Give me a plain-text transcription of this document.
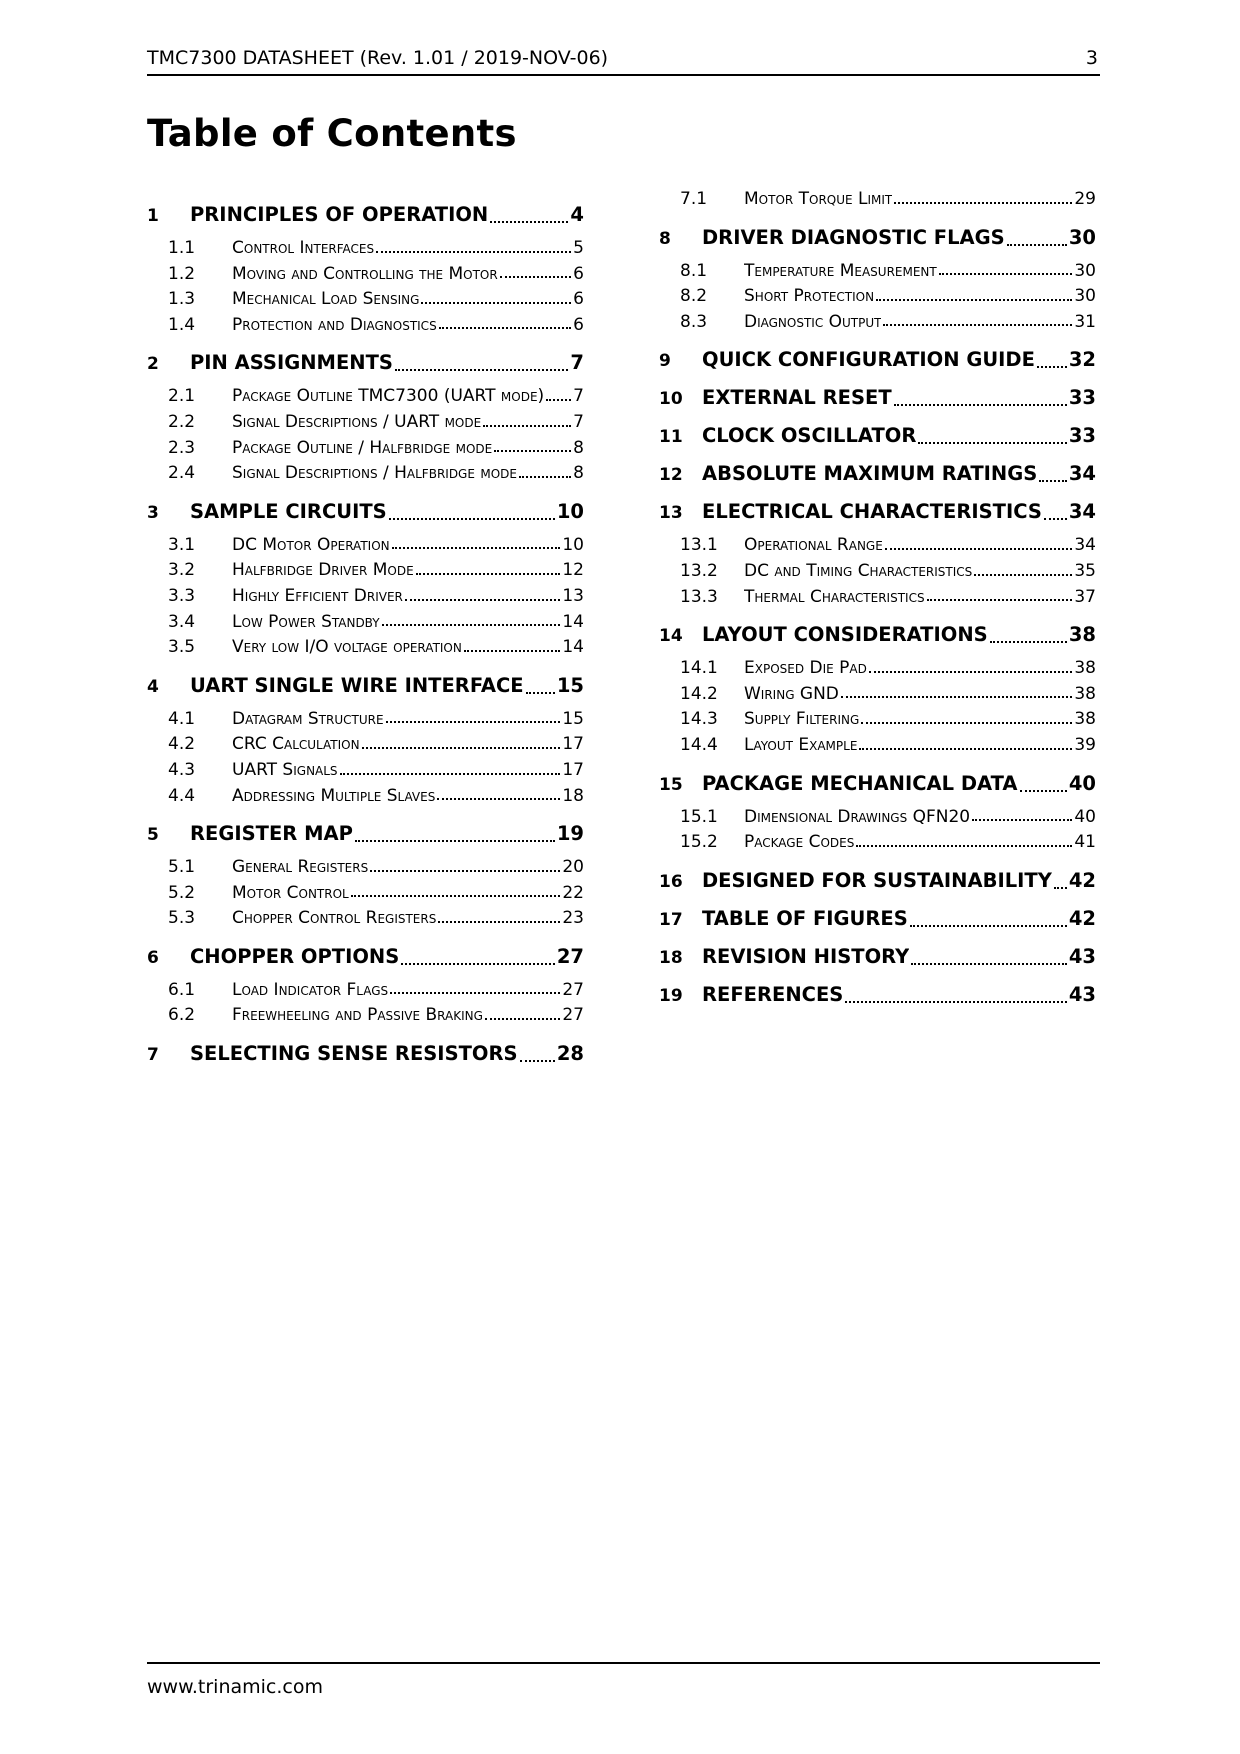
TMC7300 DATASHEET (Rev. 1.01 / 2019-NOV-06)	3
Table of Contents
1	PRINCIPLES OF OPERATION	4
1.1	Control Interfaces	5
1.2	Moving and Controlling the Motor	6
1.3	Mechanical Load Sensing	6
1.4	Protection and Diagnostics	6
2	PIN ASSIGNMENTS	7
2.1	Package Outline TMC7300 (UART mode) 7
2.2	Signal Descriptions / UART mode	7
2.3	Package Outline / Halfbridge mode	8
2.4	Signal Descriptions / Halfbridge mode	8
3	SAMPLE CIRCUITS	10
3.1	DC Motor Operation	10
3.2	Halfbridge Driver Mode	12
3.3	Highly Efficient Driver	13
3.4	Low Power Standby	14
3.5	Very low I/O voltage operation	14
4	UART SINGLE WIRE INTERFACE 15
4.1	Datagram Structure	15
4.2	CRC Calculation	17
4.3	UART Signals	17
4.4	Addressing Multiple Slaves	18
5	REGISTER MAP	19
5.1	General Registers	20
5.2	Motor Control	22
5.3	Chopper Control Registers	23
6	CHOPPER OPTIONS	27
6.1	Load Indicator Flags	27
6.2	Freewheeling and Passive Braking	27
7	SELECTING SENSE RESISTORS 28
7.1	Motor Torque Limit	29
8	DRIVER DIAGNOSTIC FLAGS	30
8.1	Temperature Measurement	30
8.2	Short Protection	30
8.3	Diagnostic Output	31
9	QUICK CONFIGURATION GUIDE 32
10 EXTERNAL RESET	33
11 CLOCK OSCILLATOR	33
12 ABSOLUTE MAXIMUM RATINGS 34
13 ELECTRICAL CHARACTERISTICS 34
13.1	Operational Range	34
13.2	DC and Timing Characteristics	35
13.3	Thermal Characteristics	37
14 LAYOUT CONSIDERATIONS	38
14.1	Exposed Die Pad	38
14.2	Wiring GND	38
14.3	Supply Filtering	38
14.4	Layout Example	39
15 PACKAGE MECHANICAL DATA	40
15.1	Dimensional Drawings QFN20	40
15.2	Package Codes	41
16 DESIGNED FOR SUSTAINABILITY 42
17 TABLE OF FIGURES	42
18 REVISION HISTORY	43
19 REFERENCES	43
www.trinamic.com
